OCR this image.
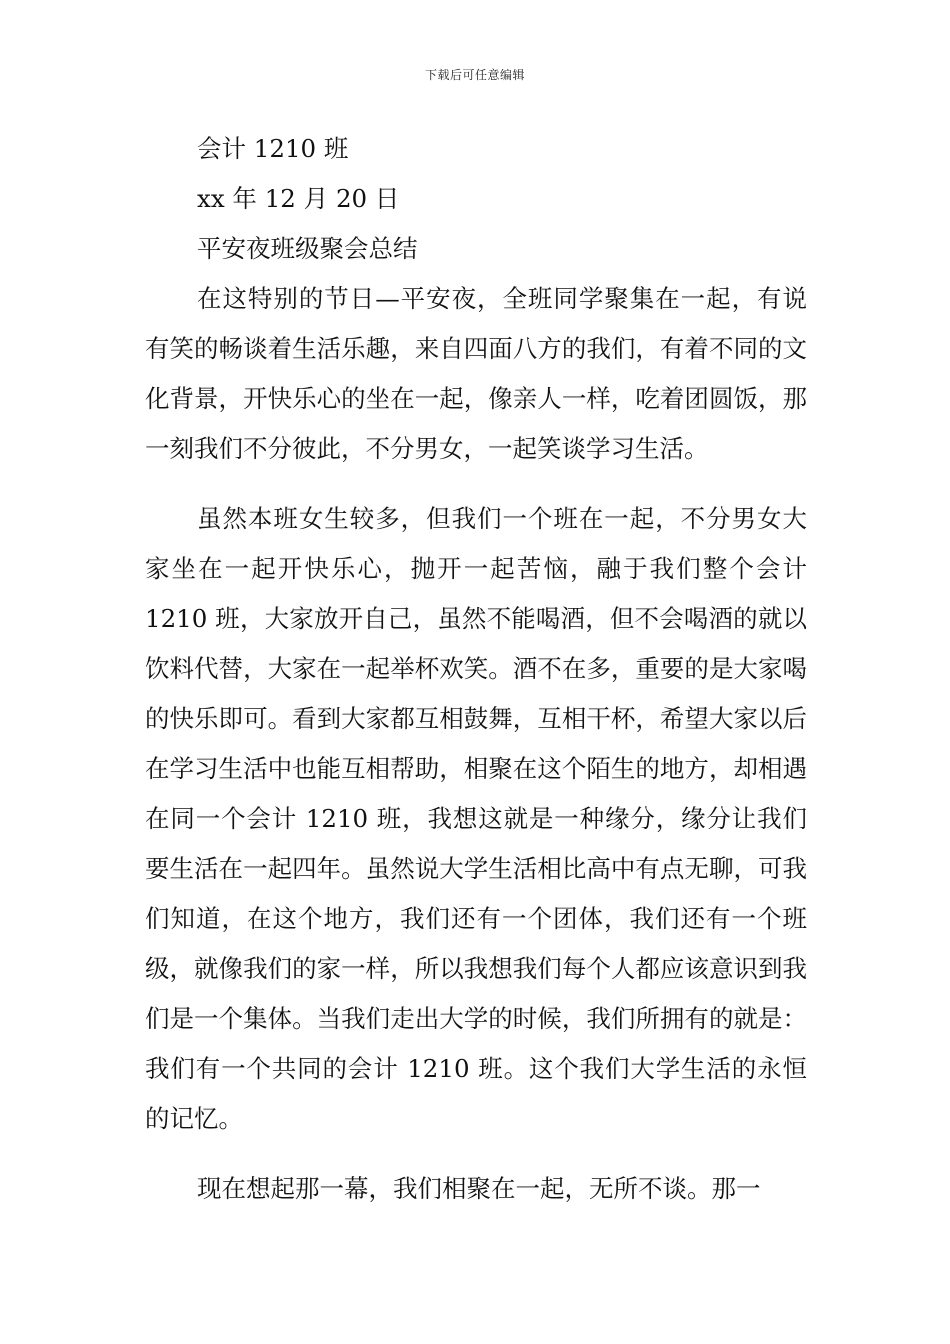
下载后可任意编辑

会计 1210 班

xx 年 12 月 20 日

平安夜班级聚会总结

在这特别的节日—平安夜，全班同学聚集在一起，有说有笑的畅谈着生活乐趣，来自四面八方的我们，有着不同的文化背景，开快乐心的坐在一起，像亲人一样，吃着团圆饭，那一刻我们不分彼此，不分男女，一起笑谈学习生活。

虽然本班女生较多，但我们一个班在一起，不分男女大家坐在一起开快乐心，抛开一起苦恼，融于我们整个会计 1210 班，大家放开自己，虽然不能喝酒，但不会喝酒的就以饮料代替，大家在一起举杯欢笑。酒不在多，重要的是大家喝的快乐即可。看到大家都互相鼓舞，互相干杯，希望大家以后在学习生活中也能互相帮助，相聚在这个陌生的地方，却相遇在同一个会计 1210 班，我想这就是一种缘分，缘分让我们要生活在一起四年。虽然说大学生活相比高中有点无聊，可我们知道，在这个地方，我们还有一个团体，我们还有一个班级，就像我们的家一样，所以我想我们每个人都应该意识到我们是一个集体。当我们走出大学的时候，我们所拥有的就是：我们有一个共同的会计 1210 班。这个我们大学生活的永恒的记忆。

现在想起那一幕，我们相聚在一起，无所不谈。那一
